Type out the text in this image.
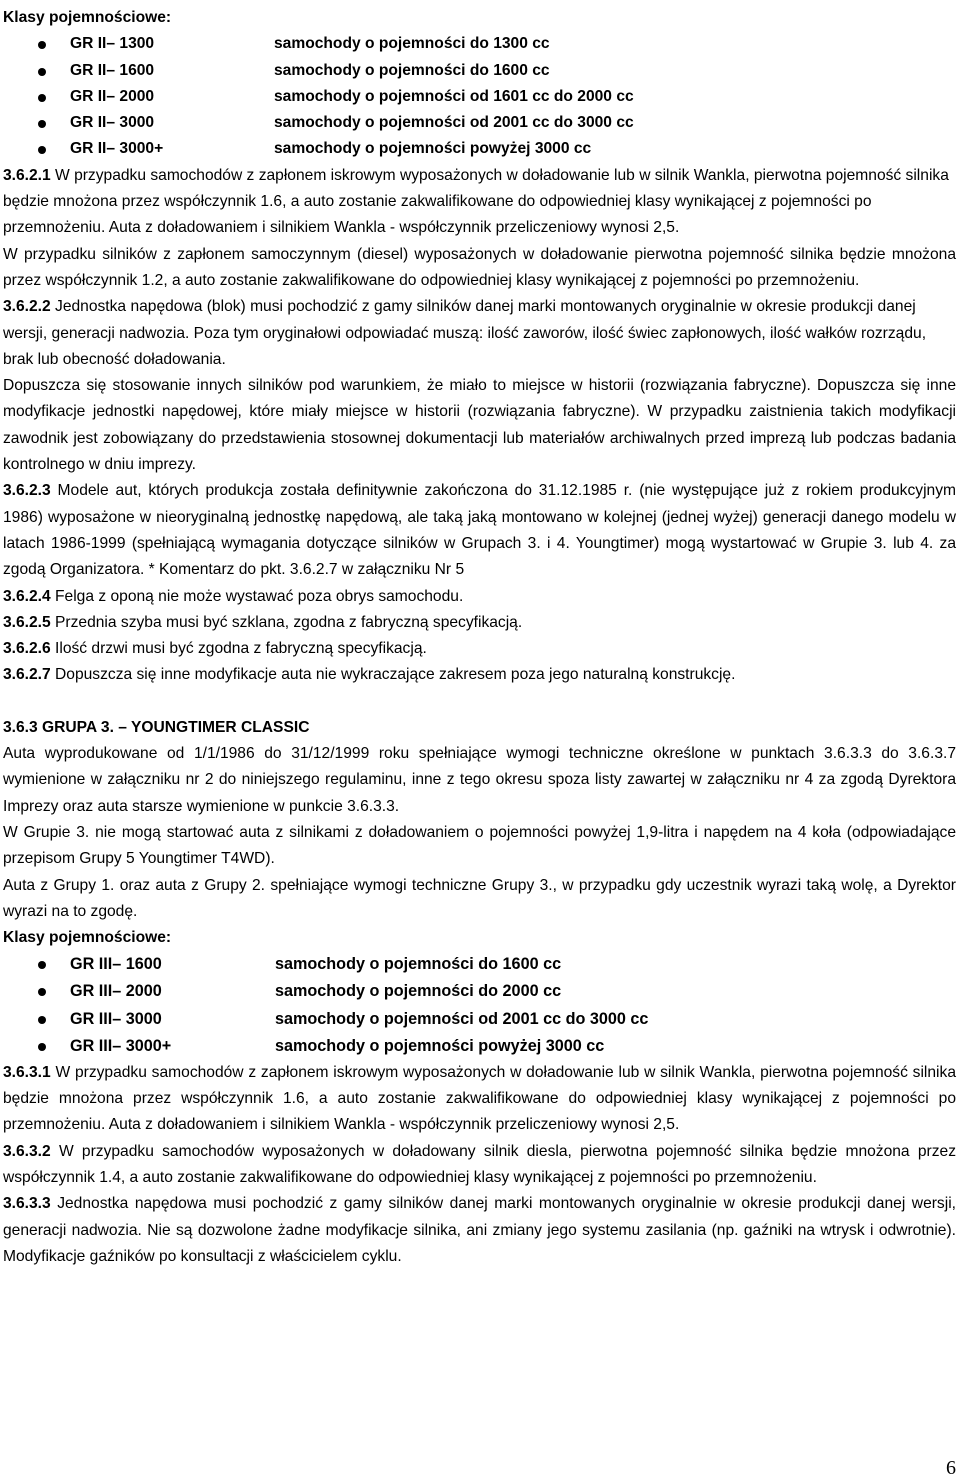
Klasy pojemnościowe:
GR II– 1300	samochody o pojemności do 1300 cc
GR II– 1600	samochody o pojemności do 1600 cc
GR II– 2000	samochody o pojemności od 1601 cc do 2000 cc
GR II– 3000	samochody o pojemności od 2001 cc do 3000 cc
GR II– 3000+	samochody o pojemności powyżej 3000 cc

3.6.2.1 W przypadku samochodów z zapłonem iskrowym wyposażonych w doładowanie lub w silnik Wankla, pierwotna pojemność silnika będzie mnożona przez współczynnik 1.6, a auto zostanie zakwalifikowane do odpowiedniej klasy wynikającej z pojemności po przemnożeniu. Auta z doładowaniem i silnikiem Wankla - współczynnik przeliczeniowy wynosi 2,5.

W przypadku silników z zapłonem samoczynnym (diesel) wyposażonych w doładowanie pierwotna pojemność silnika będzie mnożona przez współczynnik 1.2, a auto zostanie zakwalifikowane do odpowiedniej klasy wynikającej z pojemności po przemnożeniu.

3.6.2.2 Jednostka napędowa (blok) musi pochodzić z gamy silników danej marki montowanych oryginalnie w okresie produkcji danej wersji, generacji nadwozia. Poza tym oryginałowi odpowiadać muszą: ilość zaworów, ilość świec zapłonowych, ilość wałków rozrządu, brak lub obecność doładowania.

Dopuszcza się stosowanie innych silników pod warunkiem, że miało to miejsce w historii (rozwiązania fabryczne). Dopuszcza się inne modyfikacje jednostki napędowej, które miały miejsce w historii (rozwiązania fabryczne). W przypadku zaistnienia takich modyfikacji zawodnik jest zobowiązany do przedstawienia stosownej dokumentacji lub materiałów archiwalnych przed imprezą lub podczas badania kontrolnego w dniu imprezy.

3.6.2.3 Modele aut, których produkcja została definitywnie zakończona do 31.12.1985 r. (nie występujące już z rokiem produkcyjnym 1986) wyposażone w nieoryginalną jednostkę napędową, ale taką jaką montowano w kolejnej (jednej wyżej) generacji danego modelu w latach 1986-1999 (spełniającą wymagania dotyczące silników w Grupach 3. i 4. Youngtimer) mogą wystartować w Grupie 3. lub 4. za zgodą Organizatora. * Komentarz do pkt. 3.6.2.7 w załączniku Nr 5

3.6.2.4 Felga z oponą nie może wystawać poza obrys samochodu.

3.6.2.5 Przednia szyba musi być szklana, zgodna z fabryczną specyfikacją.

3.6.2.6 Ilość drzwi musi być zgodna z fabryczną specyfikacją.

3.6.2.7 Dopuszcza się inne modyfikacje auta nie wykraczające zakresem poza jego naturalną konstrukcję.

3.6.3 GRUPA 3. – YOUNGTIMER CLASSIC

Auta wyprodukowane od 1/1/1986 do 31/12/1999 roku spełniające wymogi techniczne określone w punktach 3.6.3.3 do 3.6.3.7 wymienione w załączniku nr 2 do niniejszego regulaminu, inne z tego okresu spoza listy zawartej w załączniku nr 4 za zgodą Dyrektora Imprezy oraz auta starsze wymienione w punkcie 3.6.3.3.

W Grupie 3. nie mogą startować auta z silnikami z doładowaniem o pojemności powyżej 1,9-litra i napędem na 4 koła (odpowiadające przepisom Grupy 5 Youngtimer T4WD).

Auta z Grupy 1. oraz auta z Grupy 2. spełniające wymogi techniczne Grupy 3., w przypadku gdy uczestnik wyrazi taką wolę, a Dyrektor wyrazi na to zgodę.

Klasy pojemnościowe:
GR III– 1600	samochody o pojemności do 1600 cc
GR III– 2000	samochody o pojemności do 2000 cc
GR III– 3000	samochody o pojemności od 2001 cc do 3000 cc
GR III– 3000+	samochody o pojemności powyżej 3000 cc

3.6.3.1 W przypadku samochodów z zapłonem iskrowym wyposażonych w doładowanie lub w silnik Wankla, pierwotna pojemność silnika będzie mnożona przez współczynnik 1.6, a auto zostanie zakwalifikowane do odpowiedniej klasy wynikającej z pojemności po przemnożeniu. Auta z doładowaniem i silnikiem Wankla - współczynnik przeliczeniowy wynosi 2,5.

3.6.3.2 W przypadku samochodów wyposażonych w doładowany silnik diesla, pierwotna pojemność silnika będzie mnożona przez współczynnik 1.4, a auto zostanie zakwalifikowane do odpowiedniej klasy wynikającej z pojemności po przemnożeniu.

3.6.3.3 Jednostka napędowa musi pochodzić z gamy silników danej marki montowanych oryginalnie w okresie produkcji danej wersji, generacji nadwozia. Nie są dozwolone żadne modyfikacje silnika, ani zmiany jego systemu zasilania (np. gaźniki na wtrysk i odwrotnie). Modyfikacje gaźników po konsultacji z właścicielem cyklu.

6
